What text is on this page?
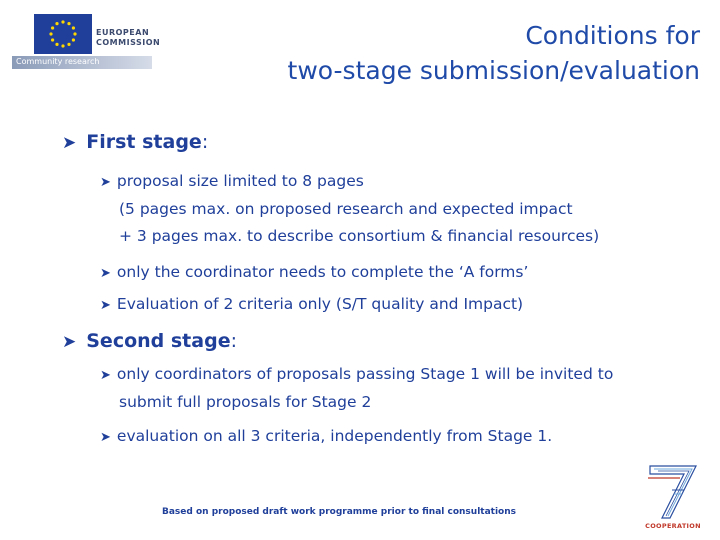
EUROPEAN
COMMISSION
Community research
Conditions for
two-stage submission/evaluation
➤ First stage:
➤ proposal size limited to 8 pages
(5 pages max. on proposed research and expected impact
+ 3 pages max. to describe consortium & financial resources)
➤ only the coordinator needs to complete the ‘A forms’
➤ Evaluation of 2 criteria only (S/T quality and Impact)
➤ Second stage:
➤ only coordinators of proposals passing Stage 1 will be invited to
submit full proposals for Stage 2
➤ evaluation on all 3 criteria, independently from Stage 1.
Based on proposed draft work programme prior to final consultations
COOPERATION
